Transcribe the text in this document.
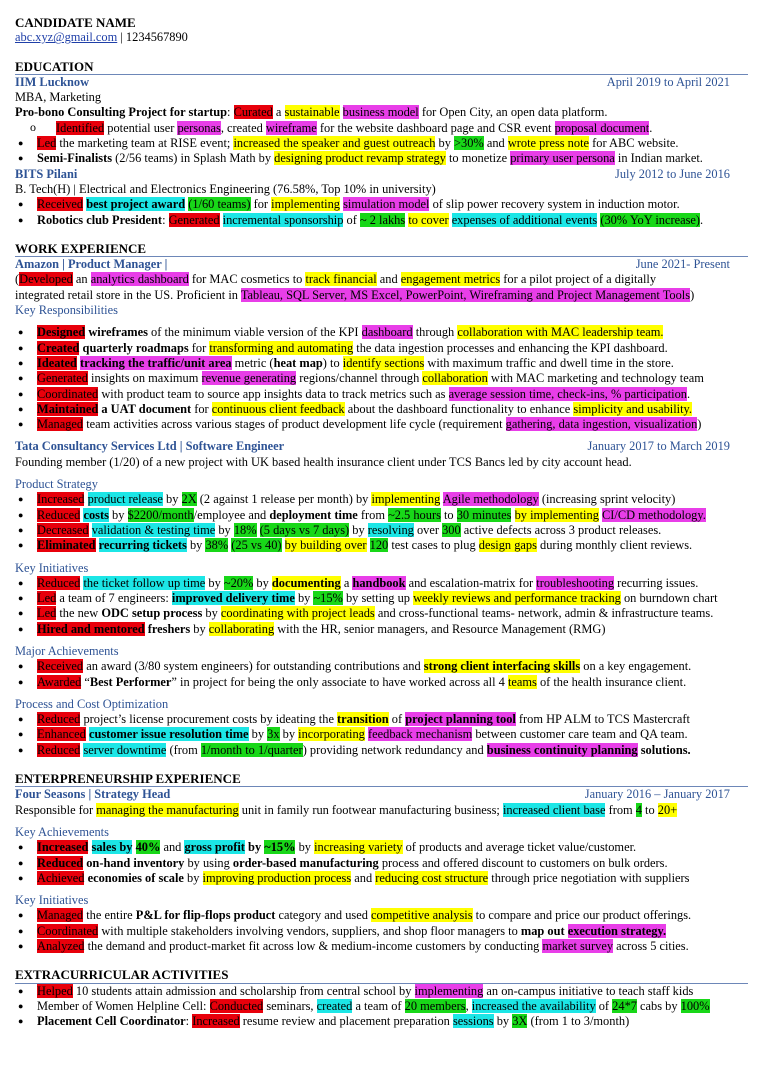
CANDIDATE NAME
abc.xyz@gmail.com | 1234567890
EDUCATION
IIM Lucknow	April 2019 to April 2021
MBA, Marketing
Pro-bono Consulting Project for startup: Curated a sustainable business model for Open City, an open data platform.
o Identified potential user personas, created wireframe for the website dashboard page and CSR event proposal document.
● Led the marketing team at RISE event; increased the speaker and guest outreach by >30% and wrote press note for ABC website.
● Semi-Finalists (2/56 teams) in Splash Math by designing product revamp strategy to monetize primary user persona in Indian market.
BITS Pilani	July 2012 to June 2016
B. Tech(H) | Electrical and Electronics Engineering (76.58%, Top 10% in university)
● Received best project award (1/60 teams) for implementing simulation model of slip power recovery system in induction motor.
● Robotics club President: Generated incremental sponsorship of ~ 2 lakhs to cover expenses of additional events (30% YoY increase).
WORK EXPERIENCE
Amazon | Product Manager |	June 2021- Present
(Developed an analytics dashboard for MAC cosmetics to track financial and engagement metrics for a pilot project of a digitally
integrated retail store in the US. Proficient in Tableau, SQL Server, MS Excel, PowerPoint, Wireframing and Project Management Tools)
Key Responsibilities
● Designed wireframes of the minimum viable version of the KPI dashboard through collaboration with MAC leadership team.
● Created quarterly roadmaps for transforming and automating the data ingestion processes and enhancing the KPI dashboard.
● Ideated tracking the traffic/unit area metric (heat map) to identify sections with maximum traffic and dwell time in the store.
● Generated insights on maximum revenue generating regions/channel through collaboration with MAC marketing and technology team
● Coordinated with product team to source app insights data to track metrics such as average session time, check-ins, % participation.
● Maintained a UAT document for continuous client feedback about the dashboard functionality to enhance simplicity and usability.
● Managed team activities across various stages of product development life cycle (requirement gathering, data ingestion, visualization)
Tata Consultancy Services Ltd | Software Engineer	January 2017 to March 2019
Founding member (1/20) of a new project with UK based health insurance client under TCS Bancs led by city account head.
Product Strategy
● Increased product release by 2X (2 against 1 release per month) by implementing Agile methodology (increasing sprint velocity)
● Reduced costs by $2200/month/employee and deployment time from ~2.5 hours to 30 minutes by implementing CI/CD methodology.
● Decreased validation & testing time by 18% (5 days vs 7 days) by resolving over 300 active defects across 3 product releases.
● Eliminated recurring tickets by 38% (25 vs 40) by building over 120 test cases to plug design gaps during monthly client reviews.
Key Initiatives
● Reduced the ticket follow up time by ~20% by documenting a handbook and escalation-matrix for troubleshooting recurring issues.
● Led a team of 7 engineers: improved delivery time by ~15% by setting up weekly reviews and performance tracking on burndown chart
● Led the new ODC setup process by coordinating with project leads and cross-functional teams- network, admin & infrastructure teams.
● Hired and mentored freshers by collaborating with the HR, senior managers, and Resource Management (RMG)
Major Achievements
● Received an award (3/80 system engineers) for outstanding contributions and strong client interfacing skills on a key engagement.
● Awarded “Best Performer” in project for being the only associate to have worked across all 4 teams of the health insurance client.
Process and Cost Optimization
● Reduced project’s license procurement costs by ideating the transition of project planning tool from HP ALM to TCS Mastercraft
● Enhanced customer issue resolution time by 3x by incorporating feedback mechanism between customer care team and QA team.
● Reduced server downtime (from 1/month to 1/quarter) providing network redundancy and business continuity planning solutions.
ENTERPRENEURSHIP EXPERIENCE
Four Seasons | Strategy Head	January 2016 – January 2017
Responsible for managing the manufacturing unit in family run footwear manufacturing business; increased client base from 4 to 20+
Key Achievements
● Increased sales by 40% and gross profit by ~15% by increasing variety of products and average ticket value/customer.
● Reduced on-hand inventory by using order-based manufacturing process and offered discount to customers on bulk orders.
● Achieved economies of scale by improving production process and reducing cost structure through price negotiation with suppliers
Key Initiatives
● Managed the entire P&L for flip-flops product category and used competitive analysis to compare and price our product offerings.
● Coordinated with multiple stakeholders involving vendors, suppliers, and shop floor managers to map out execution strategy.
● Analyzed the demand and product-market fit across low & medium-income customers by conducting market survey across 5 cities.
EXTRACURRICULAR ACTIVITIES
● Helped 10 students attain admission and scholarship from central school by implementing an on-campus initiative to teach staff kids
● Member of Women Helpline Cell: Conducted seminars, created a team of 20 members, increased the availability of 24*7 cabs by 100%
● Placement Cell Coordinator: Increased resume review and placement preparation sessions by 3X (from 1 to 3/month)
